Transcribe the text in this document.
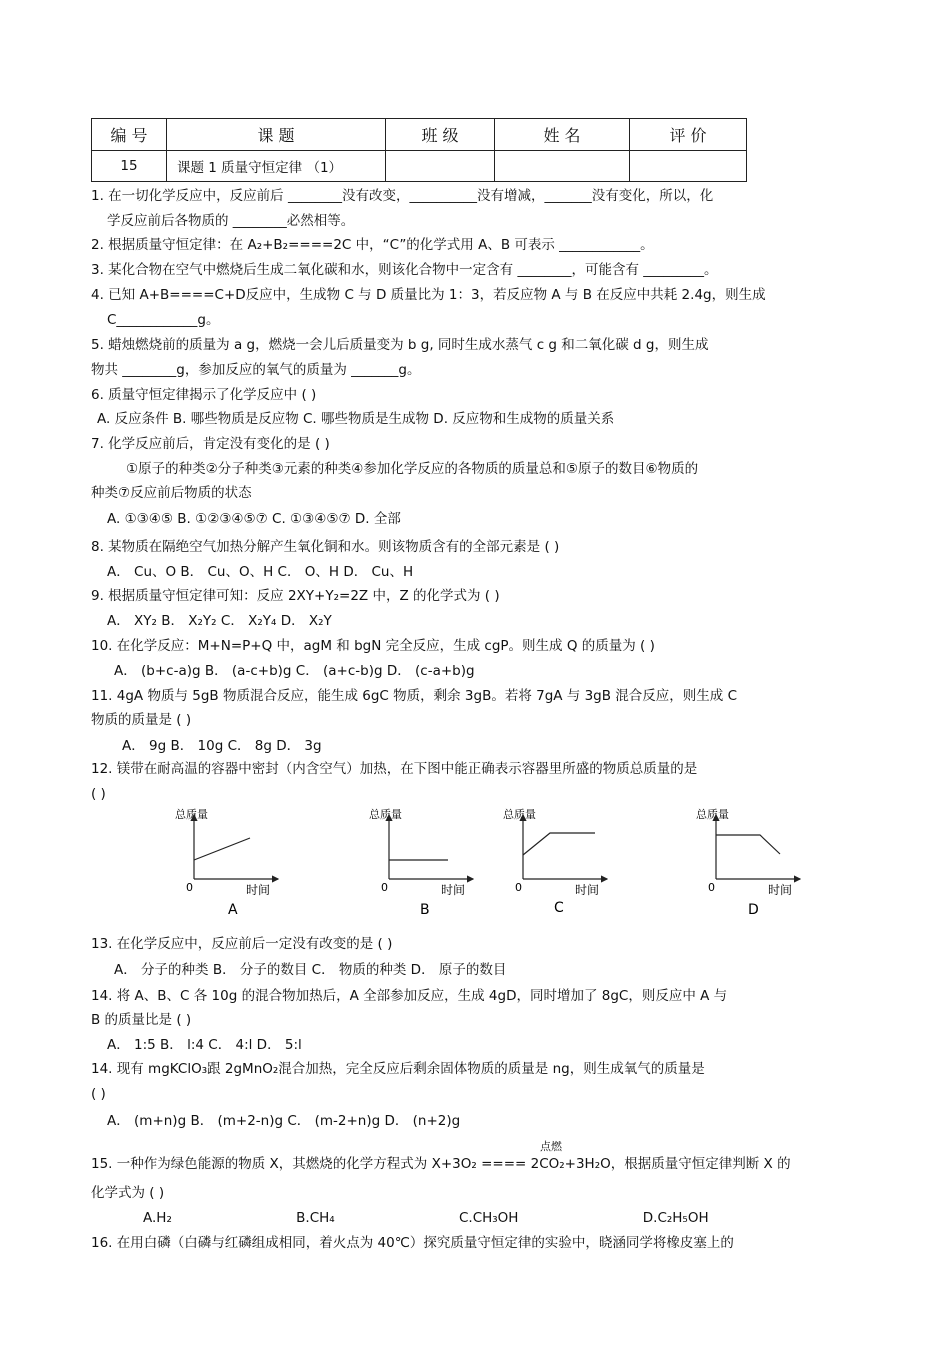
编 号	课 题	班 级	姓 名	评 价
15	课题 1 质量守恒定律 （1）			
1. 在一切化学反应中，反应前后 ________没有改变，__________没有增减，_______没有变化，所以，化
学反应前后各物质的 ________必然相等。
2. 根据质量守恒定律：在 A₂+B₂====2C 中，“C”的化学式用 A、B 可表示 ____________。
3. 某化合物在空气中燃烧后生成二氧化碳和水，则该化合物中一定含有 ________，可能含有 _________。
4. 已知 A+B====C+D反应中，生成物 C 与 D 质量比为 1：3，若反应物 A 与 B 在反应中共耗 2.4g，则生成
C____________g。
5. 蜡烛燃烧前的质量为 a g，燃烧一会儿后质量变为 b g, 同时生成水蒸气 c g 和二氧化碳 d g，则生成
物共 ________g，参加反应的氧气的质量为 _______g。
6. 质量守恒定律揭示了化学反应中 ( )
A. 反应条件 B. 哪些物质是反应物 C. 哪些物质是生成物 D. 反应物和生成物的质量关系
7. 化学反应前后，肯定没有变化的是 ( )
①原子的种类②分子种类③元素的种类④参加化学反应的各物质的质量总和⑤原子的数目⑥物质的
种类⑦反应前后物质的状态
A. ①③④⑤ B. ①②③④⑤⑦ C. ①③④⑤⑦ D. 全部
8. 某物质在隔绝空气加热分解产生氧化铜和水。则该物质含有的全部元素是 ( )
A． Cu、O B． Cu、O、H C． O、H D． Cu、H
9. 根据质量守恒定律可知：反应 2XY+Y₂=2Z 中，Z 的化学式为 ( )
A． XY₂ B． X₂Y₂ C． X₂Y₄ D． X₂Y
10. 在化学反应：M+N=P+Q 中，agM 和 bgN 完全反应，生成 cgP。则生成 Q 的质量为 ( )
A． (b+c-a)g B． (a-c+b)g C． (a+c-b)g D． (c-a+b)g
11. 4gA 物质与 5gB 物质混合反应，能生成 6gC 物质，剩余 3gB。若将 7gA 与 3gB 混合反应，则生成 C
物质的质量是 ( )
A． 9g B． 10g C． 8g D． 3g
12. 镁带在耐高温的容器中密封（内含空气）加热，在下图中能正确表示容器里所盛的物质总质量的是
( )
总质量
0	时间
A
总质量
0	时间
B
总质量
0	时间
C
总质量
0	时间
D
13. 在化学反应中，反应前后一定没有改变的是 ( )
A． 分子的种类 B． 分子的数目 C． 物质的种类 D． 原子的数目
14. 将 A、B、C 各 10g 的混合物加热后，A 全部参加反应，生成 4gD，同时增加了 8gC，则反应中 A 与
B 的质量比是 ( )
A． 1:5 B． l:4 C． 4:l D． 5:l
14. 现有 mgKClO₃跟 2gMnO₂混合加热，完全反应后剩余固体物质的质量是 ng，则生成氧气的质量是
( )
A． (m+n)g B． (m+2-n)g C． (m-2+n)g D． (n+2)g
点燃
15. 一种作为绿色能源的物质 X，其燃烧的化学方程式为 X+3O₂ ==== 2CO₂+3H₂O，根据质量守恒定律判断 X 的
化学式为 ( )
A.H₂ B.CH₄ C.CH₃OH D.C₂H₅OH
16. 在用白磷（白磷与红磷组成相同，着火点为 40℃）探究质量守恒定律的实验中，晓涵同学将橡皮塞上的
